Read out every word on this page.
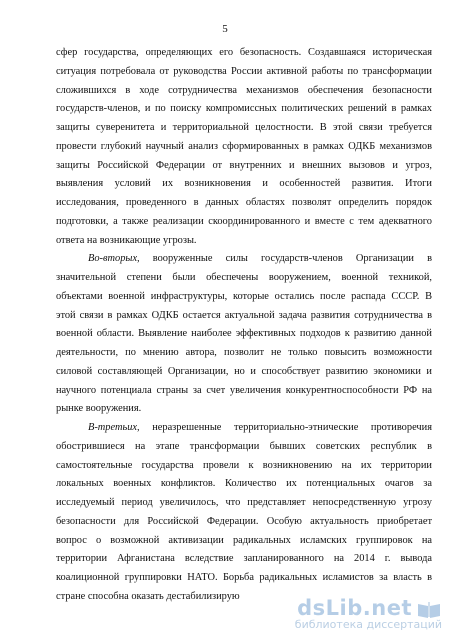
5

сфер государства, определяющих его безопасность. Создавшаяся историческая
ситуация потребовала от руководства России активной работы по трансформации
сложившихся в ходе сотрудничества механизмов обеспечения безопасности
государств-членов, и по поиску компромиссных политических решений в рамках
защиты суверенитета и территориальной целостности. В этой связи требуется
провести глубокий научный анализ сформированных в рамках ОДКБ механизмов
защиты Российской Федерации от внутренних и внешних вызовов и угроз,
выявления условий их возникновения и особенностей развития. Итоги
исследования, проведенного в данных областях позволят определить порядок
подготовки, а также реализации скоординированного и вместе с тем адекватного
ответа на возникающие угрозы.

Во-вторых, вооруженные силы государств-членов Организации в
значительной степени были обеспечены вооружением, военной техникой,
объектами военной инфраструктуры, которые остались после распада СССР. В
этой связи в рамках ОДКБ остается актуальной задача развития сотрудничества в
военной области. Выявление наиболее эффективных подходов к развитию данной
деятельности, по мнению автора, позволит не только повысить возможности
силовой составляющей Организации, но и способствует развитию экономики и
научного потенциала страны за счет увеличения конкурентноспособности РФ на
рынке вооружения.

В-третьих, неразрешенные территориально-этнические противоречия
обострившиеся на этапе трансформации бывших советских республик в
самостоятельные государства провели к возникновению на их территории
локальных военных конфликтов. Количество их потенциальных очагов за
исследуемый период увеличилось, что представляет непосредственную угрозу
безопасности для Российской Федерации. Особую актуальность приобретает
вопрос о возможной активизации радикальных исламских группировок на
территории Афганистана вследствие запланированного на 2014 г. вывода
коалиционной группировки НАТО. Борьба радикальных исламистов за власть в
стране способна оказать дестабилизирую	dsLib.net
библиотека диссертаций
